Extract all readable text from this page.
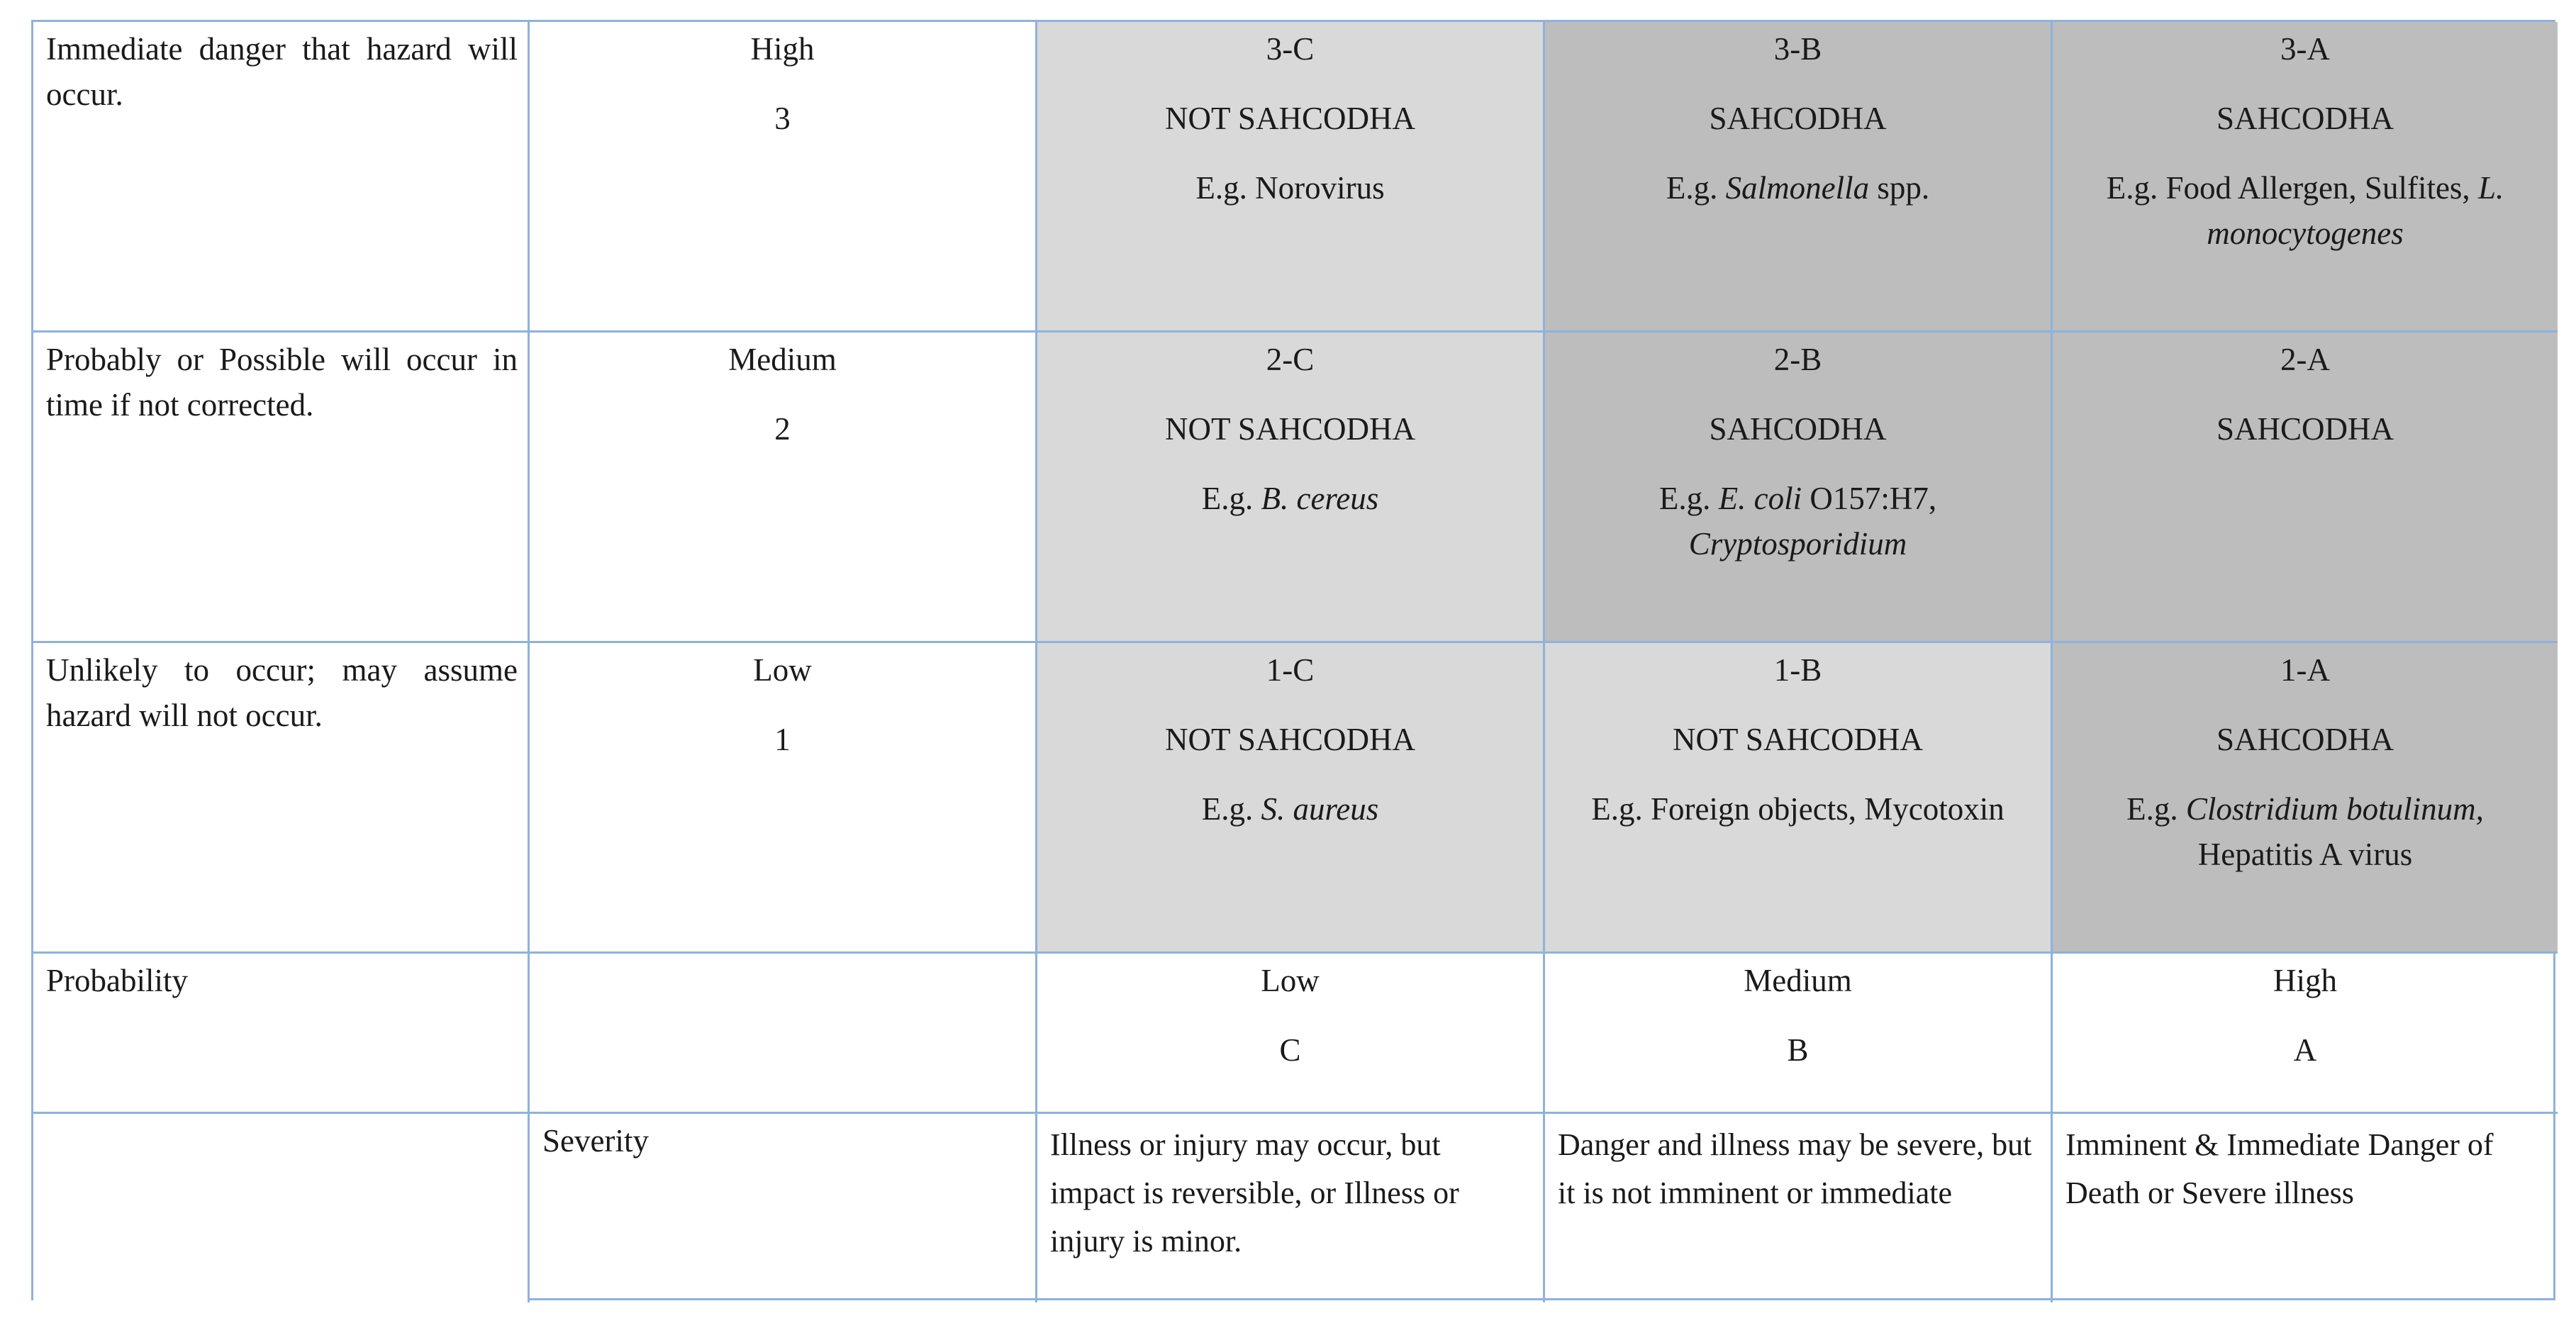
Immediate danger that hazard will occur.
High
3
3-C
NOT SAHCODHA
E.g. Norovirus
3-B
SAHCODHA
E.g. Salmonella spp.
3-A
SAHCODHA
E.g. Food Allergen, Sulfites, L.
monocytogenes
Probably or Possible will occur in time if not corrected.
Medium
2
2-C
NOT SAHCODHA
E.g. B. cereus
2-B
SAHCODHA
E.g. E. coli O157:H7,
Cryptosporidium
2-A
SAHCODHA
Unlikely to occur; may assume hazard will not occur.
Low
1
1-C
NOT SAHCODHA
E.g. S. aureus
1-B
NOT SAHCODHA
E.g. Foreign objects, Mycotoxin
1-A
SAHCODHA
E.g. Clostridium botulinum,
Hepatitis A virus
Probability	Low
C
Medium
B
High
A
Severity	Illness or injury may occur, but impact is reversible, or Illness or injury is minor.
Danger and illness may be severe, but it is not imminent or immediate
Imminent & Immediate Danger of Death or Severe illness
